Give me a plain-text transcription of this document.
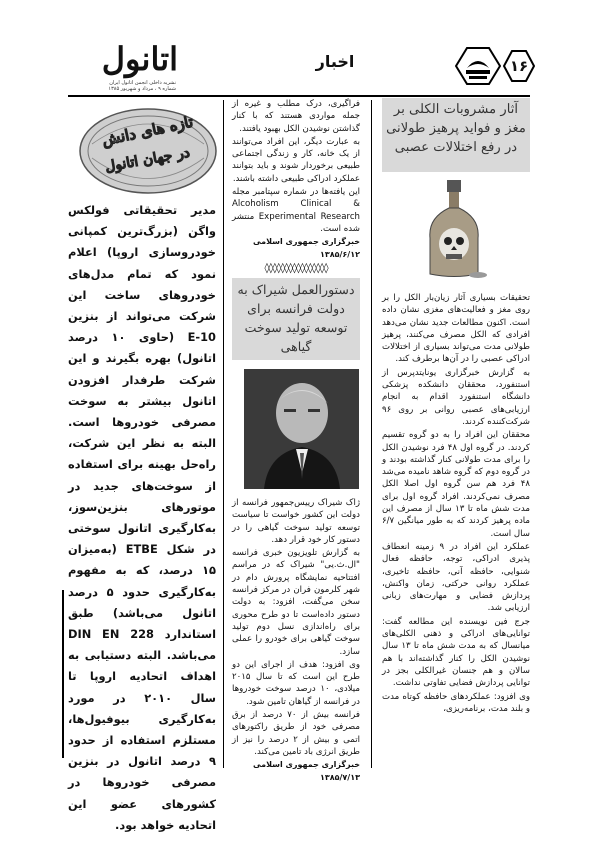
۱۶
اخبار
اتانول
نشریه داخلی انجمن اتانول ایران
شماره ۹ ، مرداد و شهریور ۱۳۸۵
تازه های دانش
در جهان اتانول
مدیر تحقیقاتی فولکس واگن (بزرگ‌ترین کمپانی خودروسازی اروپا) اعلام نمود که تمام مدل‌های خودروهای ساخت این شرکت می‌تواند از بنزین E-10 (حاوی ۱۰ درصد اتانول) بهره بگیرند و این شرکت طرفدار افزودن اتانول بیشتر به سوخت مصرفی خودروها است. البته به نظر این شرکت، راه‌حل بهینه برای استفاده از سوخت‌های جدید در موتورهای بنزین‌سوز، به‌کارگیری اتانول سوختی در شکل ETBE (به‌میزان ۱۵ درصد، که به مفهوم به‌کارگیری حدود ۵ درصد اتانول می‌باشد) طبق استاندارد DIN EN 228 می‌باشد. البته دستیابی به اهداف اتحادیه اروپا تا سال ۲۰۱۰ در مورد به‌کارگیری بیوفیول‌ها، مستلزم استفاده از حدود ۹ درصد اتانول در بنزین مصرفی خودروها در کشورهای عضو این اتحادیه خواهد بود.
آثار مشروبات الکلی بر مغز و فواید پرهیز طولانی در رفع اختلالات عصبی

تحقیقات بسیاری آثار زیان‌بار الکل را بر روی مغز و فعالیت‌های مغزی نشان داده است. اکنون مطالعات جدید نشان می‌دهد افرادی که الکل مصرف می‌کنند، پرهیز طولانی مدت می‌تواند بسیاری از اختلالات ادراکی عصبی را در آن‌ها برطرف کند.

به گزارش خبرگزاری یونایتدپرس از استنفورد، محققان دانشکده پزشکی دانشگاه استنفورد اقدام به انجام ارزیابی‌های عصبی روانی بر روی ۹۶ شرکت‌کننده کردند.

محققان این افراد را به دو گروه تقسیم کردند. در گروه اول ۴۸ فرد نوشیدن الکل را برای مدت طولانی کنار گذاشته بودند و در گروه دوم که گروه شاهد نامیده می‌شد ۴۸ فرد هم سن گروه اول اصلا الکل مصرف نمی‌کردند. افراد گروه اول برای مدت شش ماه تا ۱۳ سال از مصرف این ماده پرهیز کردند که به طور میانگین ۶/۷ سال است.

عملکرد این افراد در ۹ زمینه انعطاف پذیری ادراکی، توجه، حافظه فعال شنوایی، حافظه آنی، حافظه تاخیری، عملکرد روانی حرکتی، زمان واکنش، پردازش فضایی و مهارت‌های زبانی ارزیابی شد.

جرج فین نویسنده این مطالعه گفت: توانایی‌های ادراکی و ذهنی الکلی‌های میانسال که به مدت شش ماه تا ۱۳ سال نوشیدن الکل را کنار گذاشته‌اند با هم سالان و هم جنسان غیرالکلی بجز در توانایی پردازش فضایی تفاوتی نداشت.

وی افزود: عملکردهای حافظه کوتاه مدت و بلند مدت، برنامه‌ریزی،

فراگیری، درک مطلب و غیره از جمله مواردی هستند که با کنار گذاشتن نوشیدن الکل بهبود یافتند.

به عبارت دیگر، این افراد می‌توانند از یک خانه، کار و زندگی اجتماعی طبیعی برخوردار شوند و باید بتوانند عملکرد ادراکی طبیعی داشته باشند.

این یافته‌ها در شماره سپتامبر مجله Alcoholism Clinical & Experimental Research منتشر شده است.

خبرگزاری جمهوری اسلامی ۱۳۸۵/۶/۱۲
◊◊◊◊◊◊◊◊◊◊◊◊◊◊◊◊
دستورالعمل شیراک به دولت فرانسه برای توسعه تولید سوخت گیاهی

ژاک شیراک رییس‌جمهور فرانسه از دولت این کشور خواست تا سیاست توسعه تولید سوخت گیاهی را در دستور کار خود قرار دهد.

به گزارش تلویزیون خبری فرانسه "ال.ث.یی" شیراک که در مراسم افتتاحیه نمایشگاه پرورش دام در شهر کلرمون فران در مرکز فرانسه سخن می‌گفت، افزود: به دولت دستور داده‌است تا دو طرح محوری برای راه‌اندازی نسل دوم تولید سوخت گیاهی برای خودرو را عملی سازد.

وی افزود: هدف از اجرای این دو طرح این است که تا سال ۲۰۱۵ میلادی، ۱۰ درصد سوخت خودروها در فرانسه از گیاهان تامین شود.

فرانسه بیش از ۷۰ درصد از برق مصرفی خود از طریق راکتورهای اتمی و بیش از ۲ درصد را نیز از طریق انرژی باد تامین می‌کند.

خبرگزاری جمهوری اسلامی ۱۳۸۵/۷/۱۳
